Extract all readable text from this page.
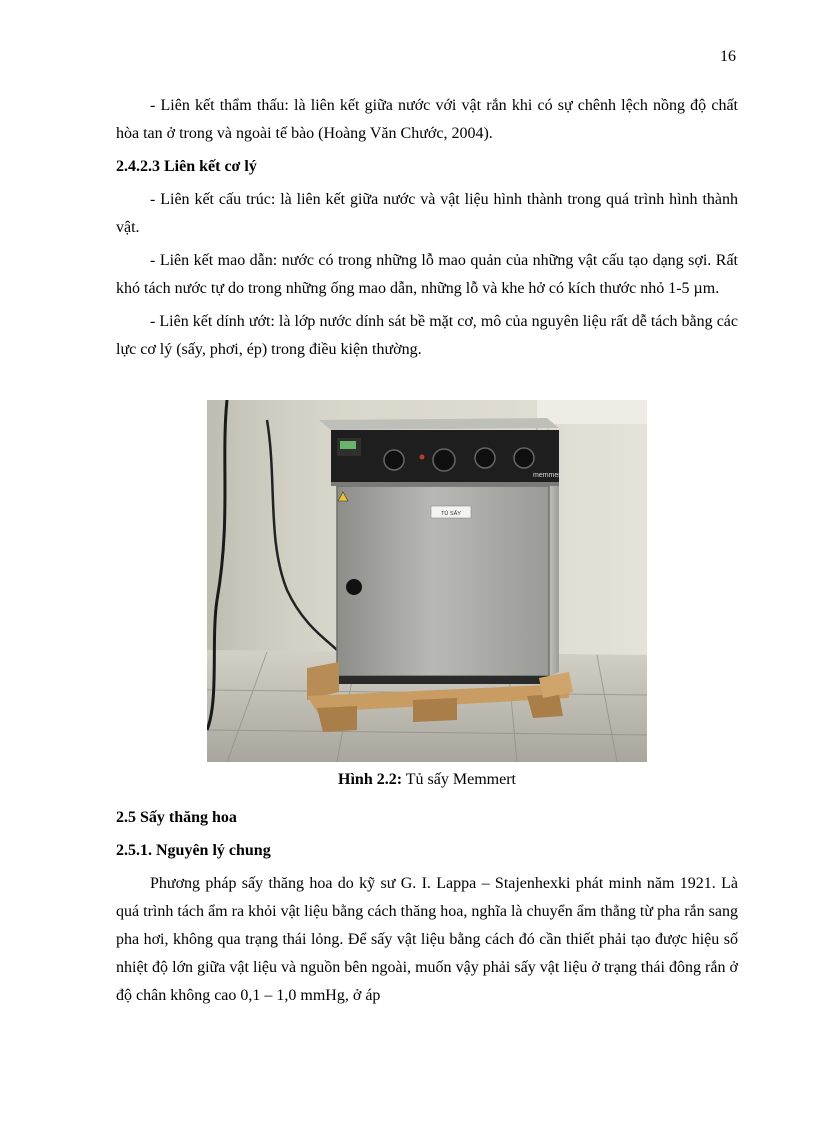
16

- Liên kết thẩm thấu: là liên kết giữa nước với vật rắn khi có sự chênh lệch nồng độ chất hòa tan ở trong và ngoài tế bào (Hoàng Văn Chước, 2004).

2.4.2.3 Liên kết cơ lý

- Liên kết cấu trúc: là liên kết giữa nước và vật liệu hình thành trong quá trình hình thành vật.

- Liên kết mao dẫn: nước có trong những lỗ mao quản của những vật cấu tạo dạng sợi. Rất khó tách nước tự do trong những ống mao dẫn, những lỗ và khe hở có kích thước nhỏ 1-5 µm.

- Liên kết dính ướt: là lớp nước dính sát bề mặt cơ, mô của nguyên liệu rất dễ tách bằng các lực cơ lý (sấy, phơi, ép) trong điều kiện thường.

memmert
TỦ SẤY
Hình 2.2: Tủ sấy Memmert
2.5 Sấy thăng hoa
2.5.1. Nguyên lý chung

Phương pháp sấy thăng hoa do kỹ sư G. I. Lappa – Stajenhexki phát minh năm 1921. Là quá trình tách ẩm ra khỏi vật liệu bằng cách thăng hoa, nghĩa là chuyển ẩm thẳng từ pha rắn sang pha hơi, không qua trạng thái lỏng. Để sấy vật liệu bằng cách đó cần thiết phải tạo được hiệu số nhiệt độ lớn giữa vật liệu và nguồn bên ngoài, muốn vậy phải sấy vật liệu ở trạng thái đông rắn ở độ chân không cao 0,1 – 1,0 mmHg, ở áp
